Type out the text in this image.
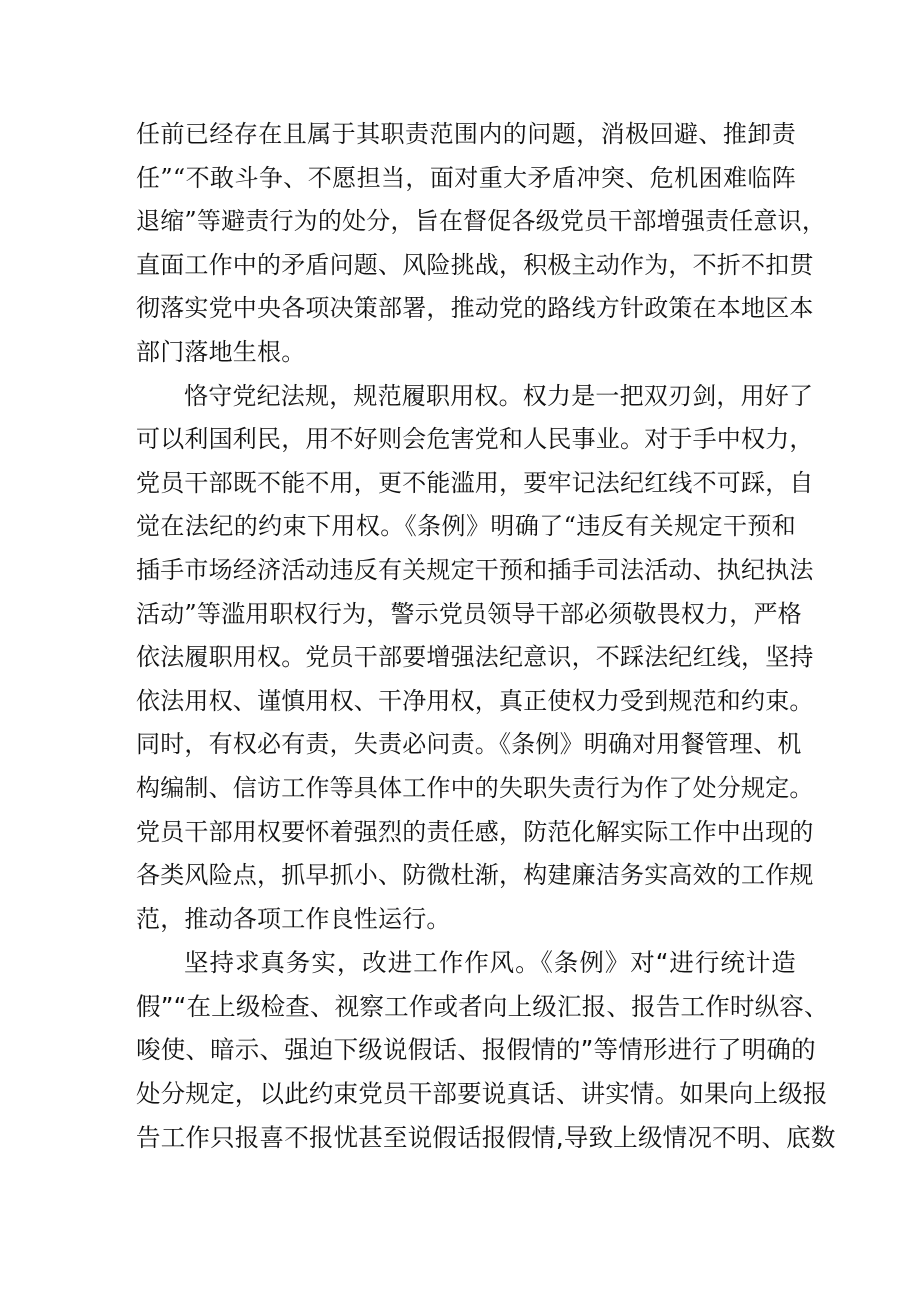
任前已经存在且属于其职责范围内的问题，消极回避、推卸责
任”“不敢斗争、不愿担当，面对重大矛盾冲突、危机困难临阵
退缩”等避责行为的处分，旨在督促各级党员干部增强责任意识，
直面工作中的矛盾问题、风险挑战，积极主动作为，不折不扣贯
彻落实党中央各项决策部署，推动党的路线方针政策在本地区本
部门落地生根。
恪守党纪法规，规范履职用权。权力是一把双刃剑，用好了
可以利国利民，用不好则会危害党和人民事业。对于手中权力，
党员干部既不能不用，更不能滥用，要牢记法纪红线不可踩，自
觉在法纪的约束下用权。《条例》明确了“违反有关规定干预和
插手市场经济活动违反有关规定干预和插手司法活动、执纪执法
活动”等滥用职权行为，警示党员领导干部必须敬畏权力，严格
依法履职用权。党员干部要增强法纪意识，不踩法纪红线，坚持
依法用权、谨慎用权、干净用权，真正使权力受到规范和约束。
同时，有权必有责，失责必问责。《条例》明确对用餐管理、机
构编制、信访工作等具体工作中的失职失责行为作了处分规定。
党员干部用权要怀着强烈的责任感，防范化解实际工作中出现的
各类风险点，抓早抓小、防微杜渐，构建廉洁务实高效的工作规
范，推动各项工作良性运行。
坚持求真务实，改进工作作风。《条例》对“进行统计造
假”“在上级检查、视察工作或者向上级汇报、报告工作时纵容、
唆使、暗示、强迫下级说假话、报假情的”等情形进行了明确的
处分规定，以此约束党员干部要说真话、讲实情。如果向上级报
告工作只报喜不报忧甚至说假话报假情,导致上级情况不明、底数
